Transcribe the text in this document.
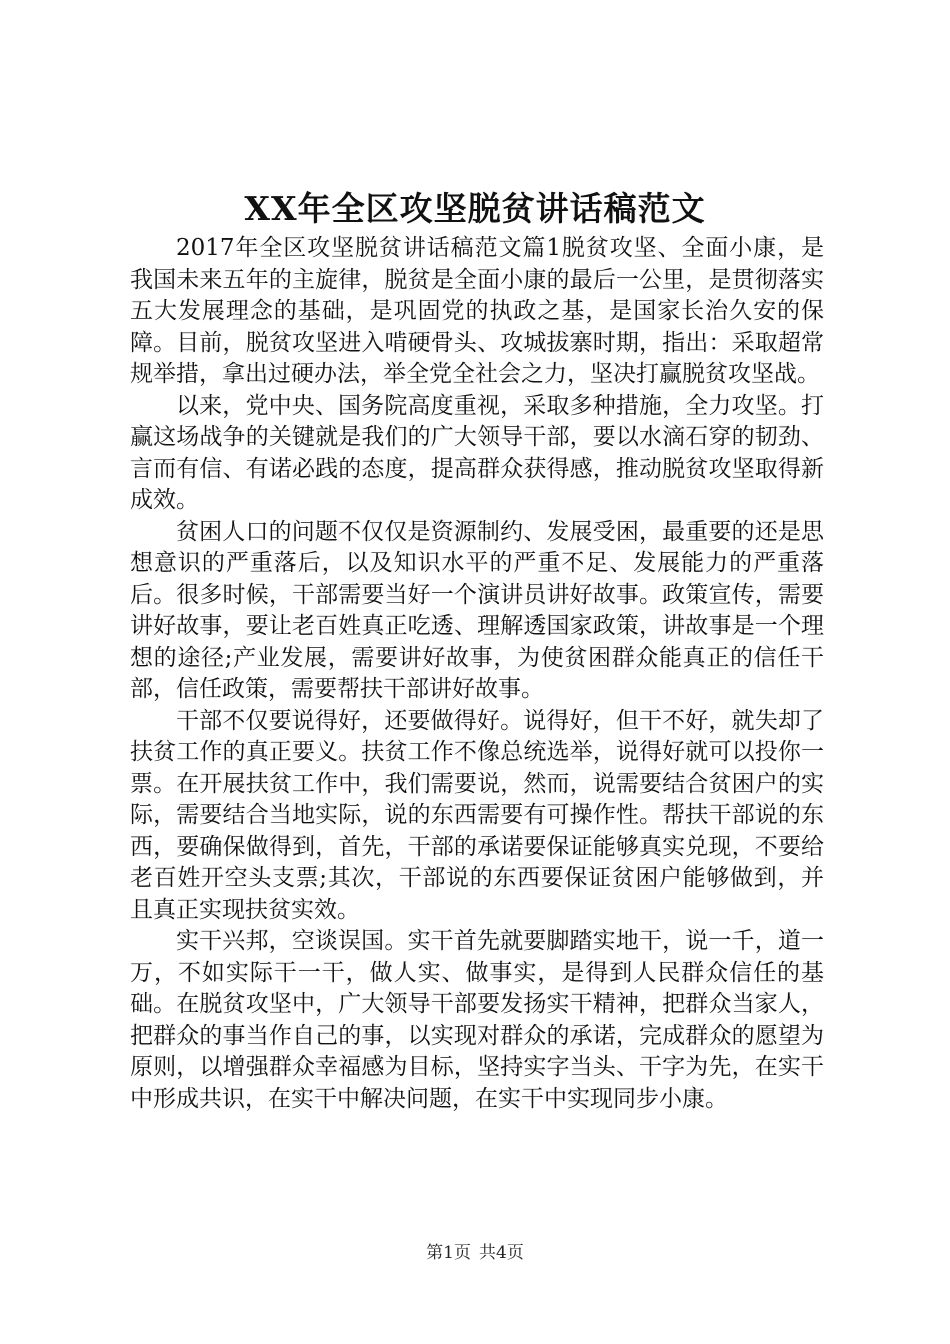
XX年全区攻坚脱贫讲话稿范文

2017年全区攻坚脱贫讲话稿范文篇1脱贫攻坚、全面小康，是我国未来五年的主旋律，脱贫是全面小康的最后一公里，是贯彻落实五大发展理念的基础，是巩固党的执政之基，是国家长治久安的保障。目前，脱贫攻坚进入啃硬骨头、攻城拔寨时期，指出：采取超常规举措，拿出过硬办法，举全党全社会之力，坚决打赢脱贫攻坚战。

以来，党中央、国务院高度重视，采取多种措施，全力攻坚。打赢这场战争的关键就是我们的广大领导干部，要以水滴石穿的韧劲、言而有信、有诺必践的态度，提高群众获得感，推动脱贫攻坚取得新成效。

贫困人口的问题不仅仅是资源制约、发展受困，最重要的还是思想意识的严重落后，以及知识水平的严重不足、发展能力的严重落后。很多时候，干部需要当好一个演讲员讲好故事。政策宣传，需要讲好故事，要让老百姓真正吃透、理解透国家政策，讲故事是一个理想的途径;产业发展，需要讲好故事，为使贫困群众能真正的信任干部，信任政策，需要帮扶干部讲好故事。

干部不仅要说得好，还要做得好。说得好，但干不好，就失却了扶贫工作的真正要义。扶贫工作不像总统选举，说得好就可以投你一票。在开展扶贫工作中，我们需要说，然而，说需要结合贫困户的实际，需要结合当地实际，说的东西需要有可操作性。帮扶干部说的东西，要确保做得到，首先，干部的承诺要保证能够真实兑现，不要给老百姓开空头支票;其次，干部说的东西要保证贫困户能够做到，并且真正实现扶贫实效。

实干兴邦，空谈误国。实干首先就要脚踏实地干，说一千，道一万，不如实际干一干，做人实、做事实，是得到人民群众信任的基础。在脱贫攻坚中，广大领导干部要发扬实干精神，把群众当家人，把群众的事当作自己的事，以实现对群众的承诺，完成群众的愿望为原则，以增强群众幸福感为目标，坚持实字当头、干字为先，在实干中形成共识，在实干中解决问题，在实干中实现同步小康。

第1页 共4页
